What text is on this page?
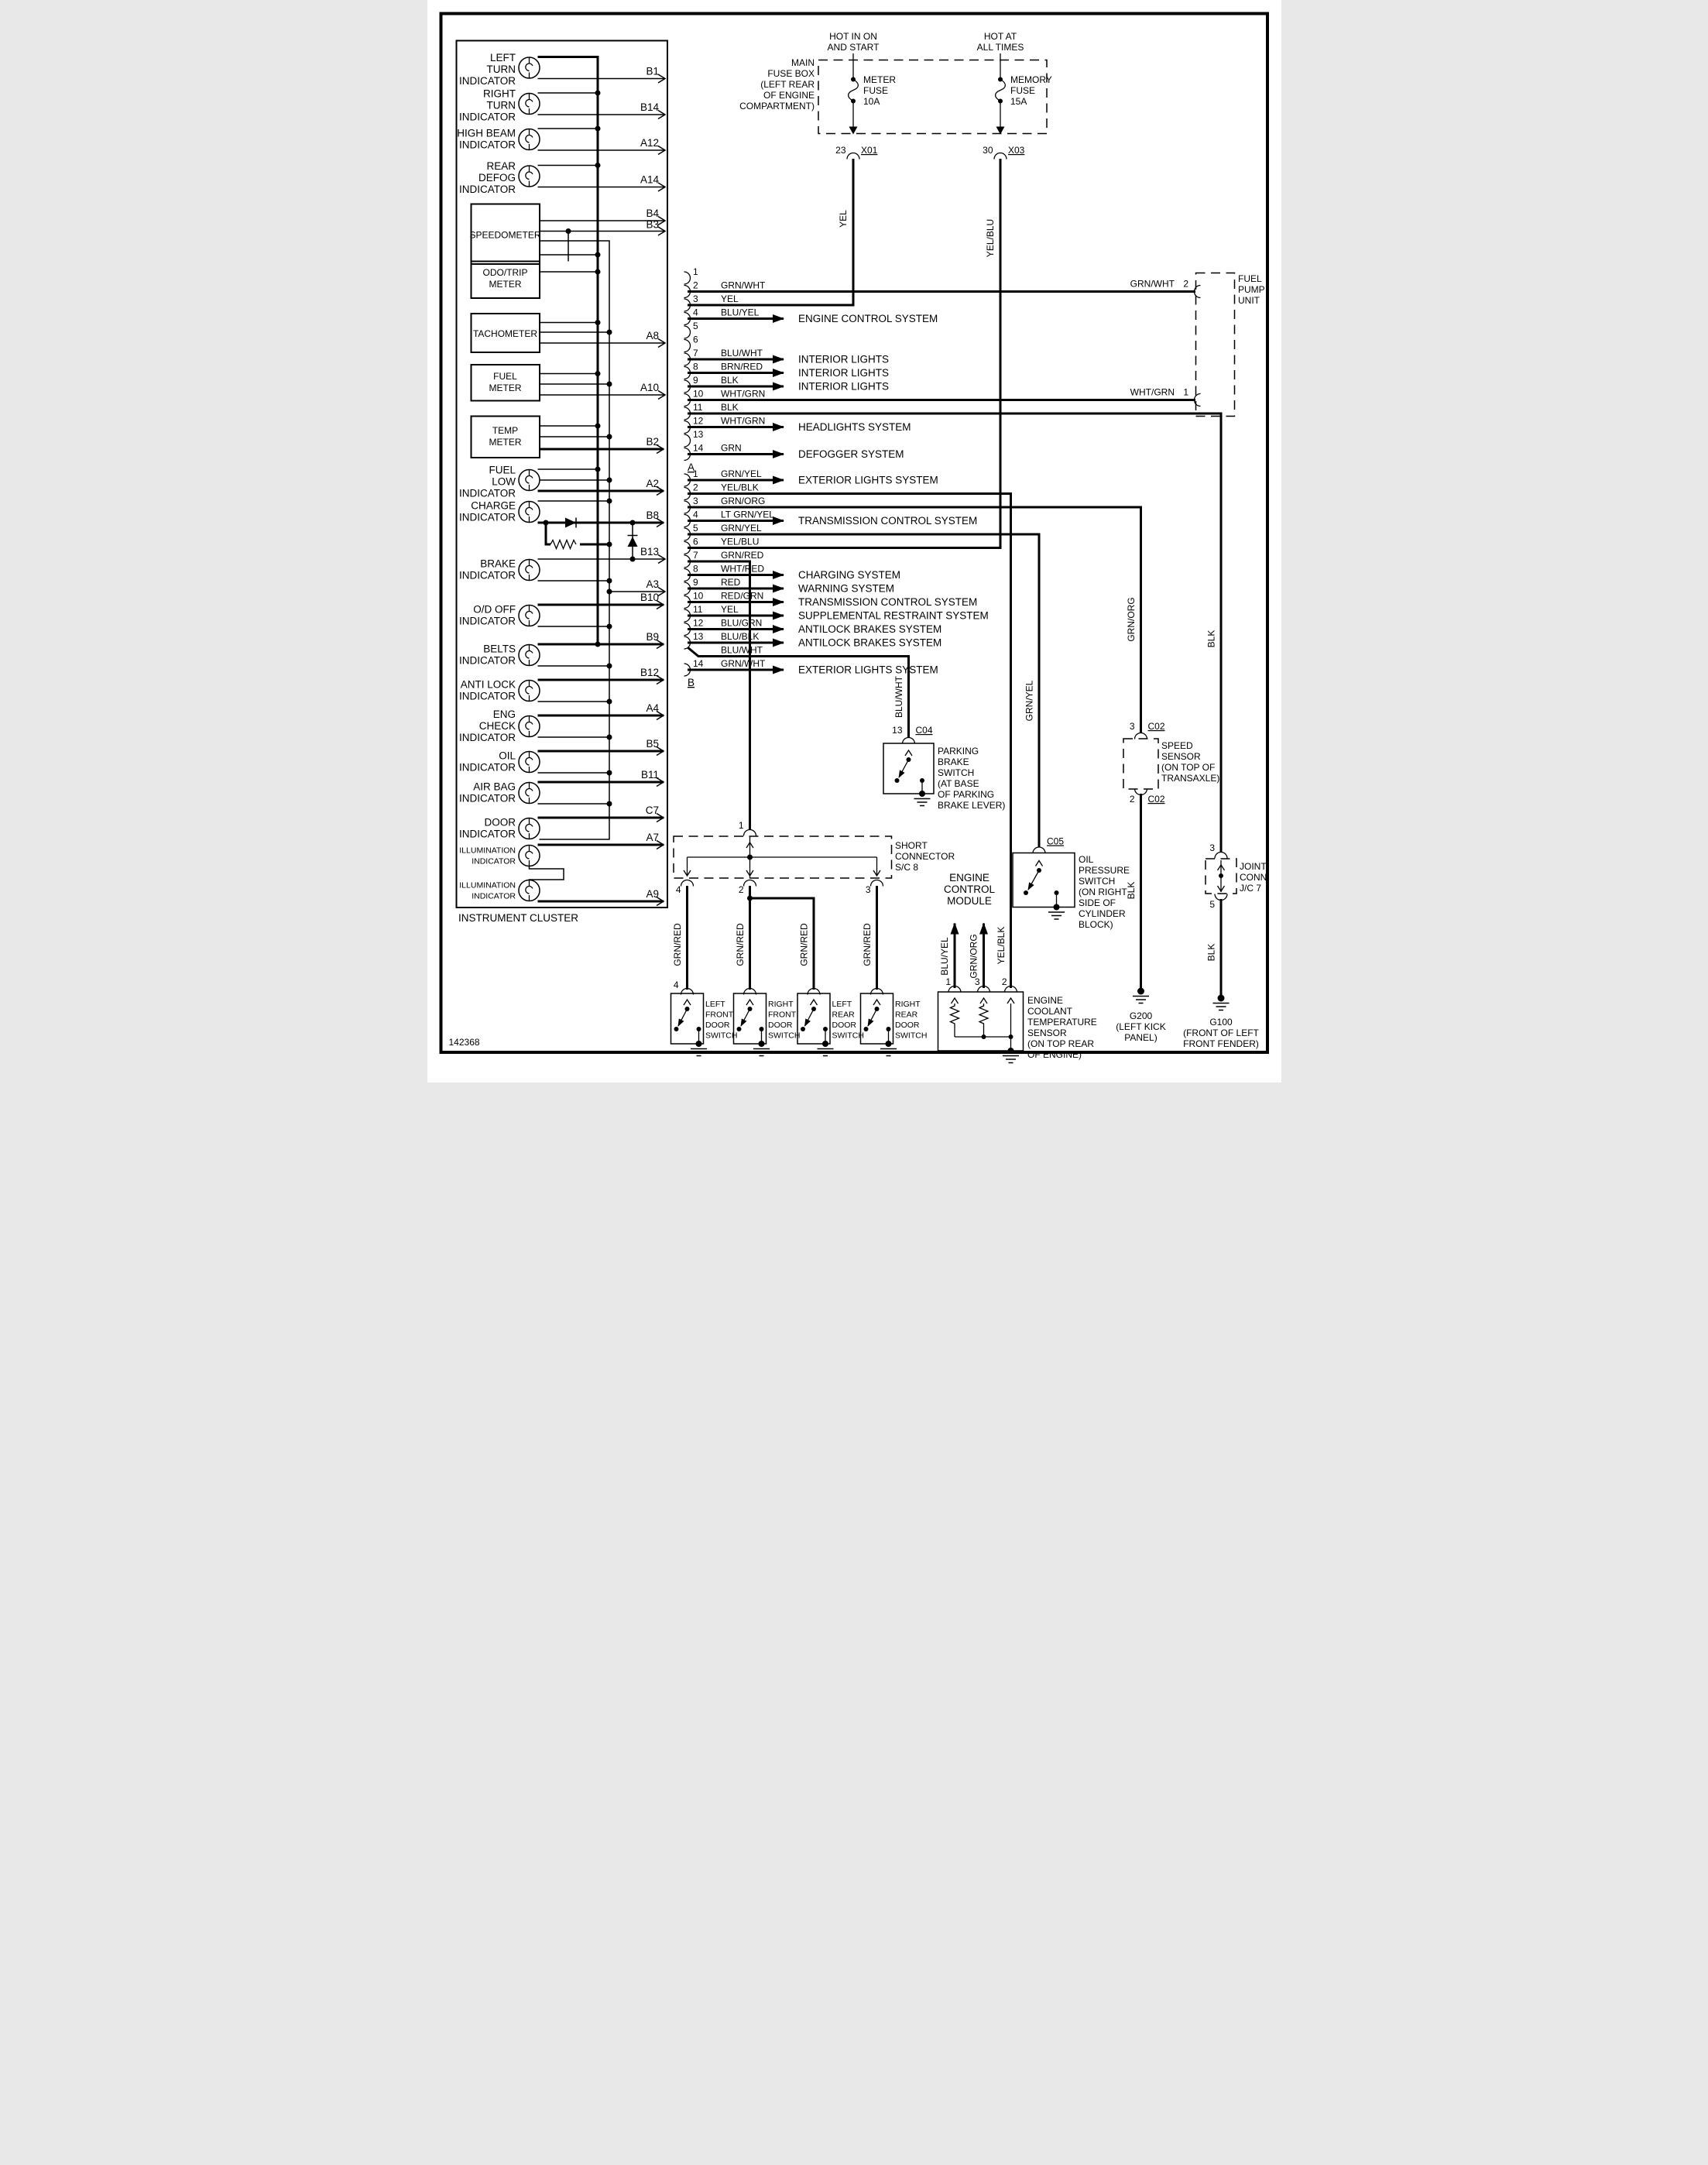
142368
HOT IN ON
AND START
HOT AT
ALL TIMES
MAIN
FUSE BOX
(LEFT REAR
OF ENGINE
COMPARTMENT)
METER
FUSE
10A
MEMORY
FUSE
15A
23 X01	30 X03
YEL
YEL/BLU
INSTRUMENT CLUSTER
LEFT
TURN
INDICATOR
B1
RIGHT
TURN
INDICATOR
B14
HIGH BEAM
INDICATOR	A12
REAR
DEFOG
INDICATOR
A14
SPEEDOMETER
B4
B3
ODO/TRIP
METER
TACHOMETER	A8
FUEL
METER	A10
TEMP
METER	B2
FUEL
LOW
INDICATOR
A2
CHARGE
INDICATOR	B8
BRAKE
INDICATOR
B13
A3
O/D OFF
INDICATOR
B10
BELTS
INDICATOR
B9
ANTI LOCK
INDICATOR
B12
ENG
CHECK
INDICATOR
A4
OIL
INDICATOR
B5
AIR BAG
INDICATOR
B11
DOOR
INDICATOR
C7
ILLUMINATION
INDICATOR
A7
ILLUMINATION
INDICATOR	A9
1
2 GRN/WHT
3 YEL
4 BLU/YEL
ENGINE CONTROL SYSTEM
5
6
7 BLU/WHT
INTERIOR LIGHTS
8 BRN/RED
INTERIOR LIGHTS
9 BLK
INTERIOR LIGHTS
10 WHT/GRN
11 BLK
12 WHT/GRN
HEADLIGHTS SYSTEM
13
14 GRN
DEFOGGER SYSTEM
A
1 GRN/YEL
EXTERIOR LIGHTS SYSTEM
2 YEL/BLK
3 GRN/ORG
4 LT GRN/YEL
TRANSMISSION CONTROL SYSTEM
5 GRN/YEL
6 YEL/BLU
7 GRN/RED
8 WHT/RED
CHARGING SYSTEM
9 RED
WARNING SYSTEM
10 RED/GRN
TRANSMISSION CONTROL SYSTEM
11 YEL
SUPPLEMENTAL RESTRAINT SYSTEM
12 BLU/GRN
ANTILOCK BRAKES SYSTEM
13 BLU/BLK
ANTILOCK BRAKES SYSTEM
BLU/WHT
14 GRN/WHT
EXTERIOR LIGHTS SYSTEM
B
FUEL
PUMP
UNIT
2
GRN/WHT
1
WHT/GRN
BLU/WHT
13 C04
PARKING
BRAKE
SWITCH
(AT BASE
OF PARKING
BRAKE LEVER)
GRN/YEL
C05
OIL
PRESSURE
SWITCH
(ON RIGHT
SIDE OF
CYLINDER
BLOCK)
GRN/ORG
3 C02
SPEED
SENSOR
(ON TOP OF
TRANSAXLE)
2 C02
BLK
G200
(LEFT KICK
PANEL)
BLK
3
JOINT
CONN
J/C 7
5
BLK
G100
(FRONT OF LEFT
FRONT FENDER)
1
SHORT
CONNECTOR
S/C 8
4	2	3
GRN/RED	GRN/RED	GRN/RED	GRN/RED
4
LEFT
FRONT
DOOR
SWITCH
RIGHT
FRONT
DOOR
SWITCH
LEFT
REAR
DOOR
SWITCH
RIGHT
REAR
DOOR
SWITCH
ENGINE
CONTROL
MODULE
BLU/YEL GRN/ORG YEL/BLK
1 3 2
ENGINE
COOLANT
TEMPERATURE
SENSOR
(ON TOP REAR
OF ENGINE)
